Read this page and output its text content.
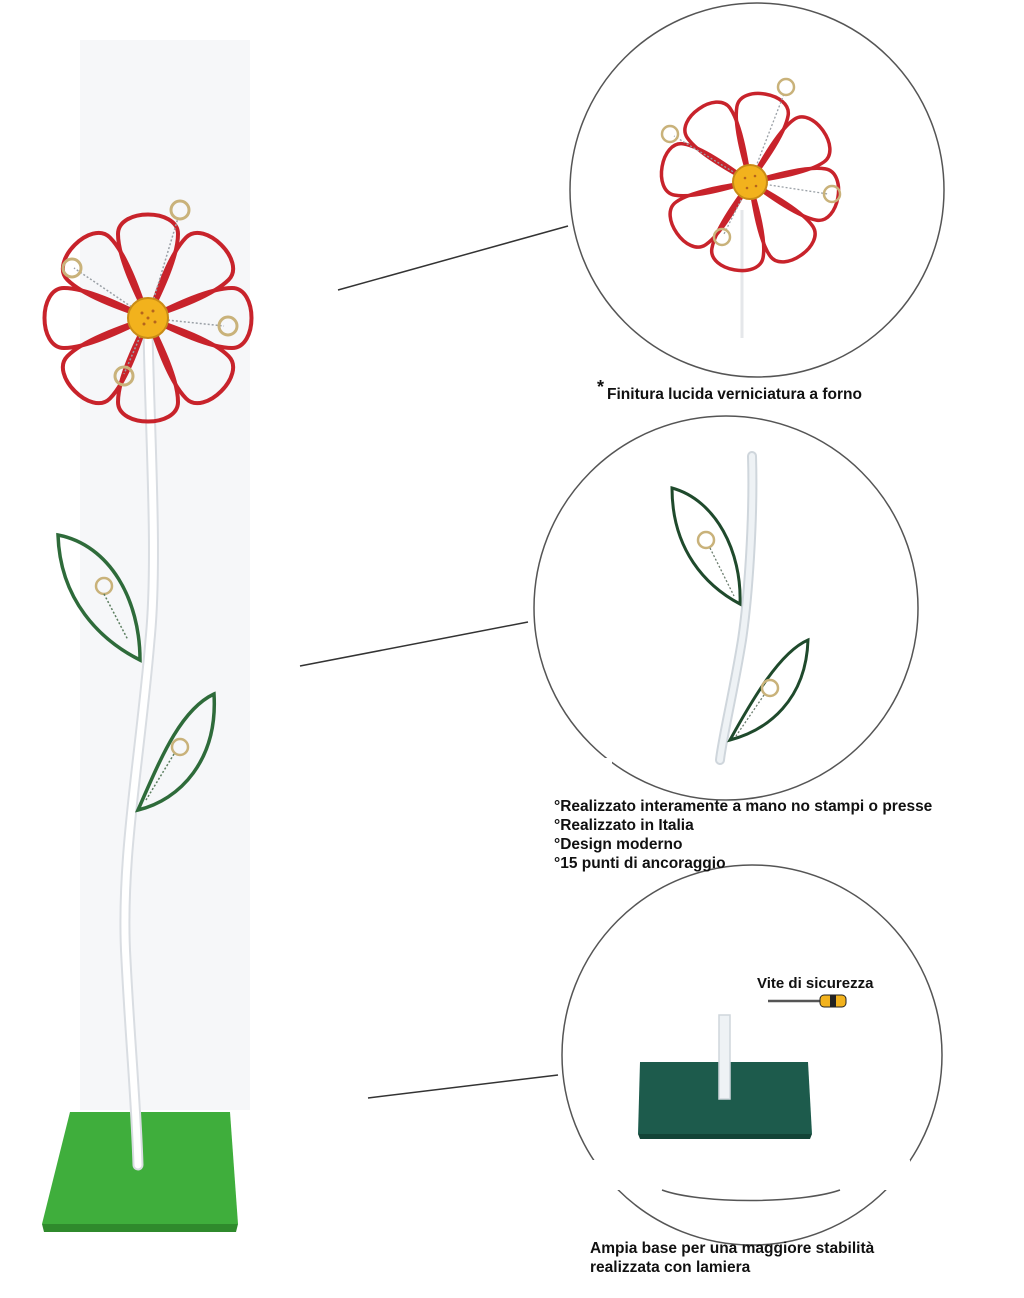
* Finitura lucida verniciatura a forno
°Realizzato interamente a mano no stampi o presse
°Realizzato in Italia
°Design moderno
°15 punti di ancoraggio
Vite di sicurezza
Ampia base per una maggiore stabilità
realizzata con lamiera
